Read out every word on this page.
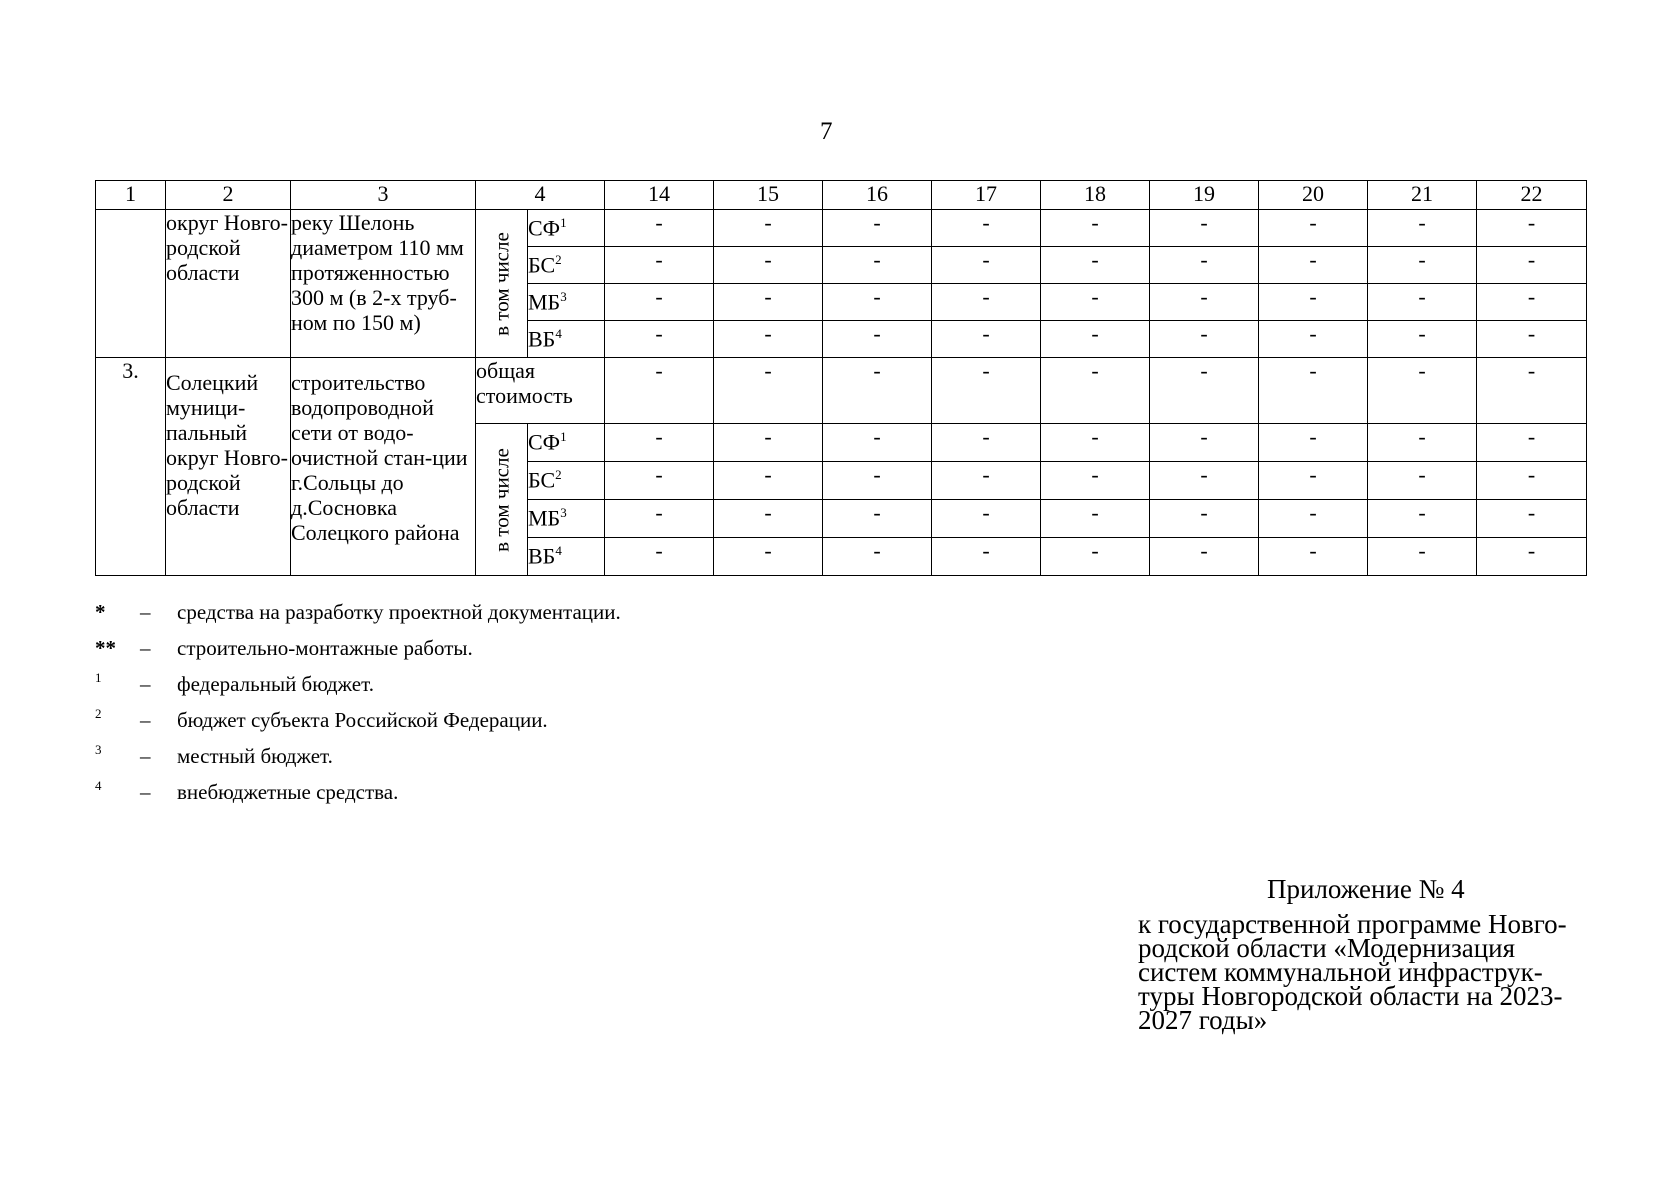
7
1	2	3	4		14	15	16	17	18	19	20	21	22
	округ Новго-родской области	реку Шелонь диаметром 110 мм протяженностью 300 м (в 2-х труб-ном по 150 м)	в том числе	$СФ^1$	-	-	-	-	-	-	-	-	-
				$БС^2$	-	-	-	-	-	-	-	-	-
				$МБ^3$	-	-	-	-	-	-	-	-	-
				$ВБ^4$	-	-	-	-	-	-	-	-	-
3.	Солецкий муници-пальный округ Новго-родской области	строительство водопроводной сети от водо-очистной стан-ции г.Сольцы до д.Сосновка Солецкого района	общая стоимость		-	-	-	-	-	-	-	-	-

			в том числе	$СФ^1$	-	-	-	-	-	-	-	-	-
				$БС^2$	-	-	-	-	-	-	-	-	-
				$МБ^3$	-	-	-	-	-	-	-	-	-
				$ВБ^4$	-	-	-	-	-	-	-	-	-
* – средства на разработку проектной документации.
** – строительно-монтажные работы.
1 – федеральный бюджет.
2 – бюджет субъекта Российской Федерации.
3 – местный бюджет.
4 – внебюджетные средства.
Приложение № 4
к государственной программе Новго-родской области «Модернизация систем коммунальной инфраструк-туры Новгородской области на 2023-2027 годы»
